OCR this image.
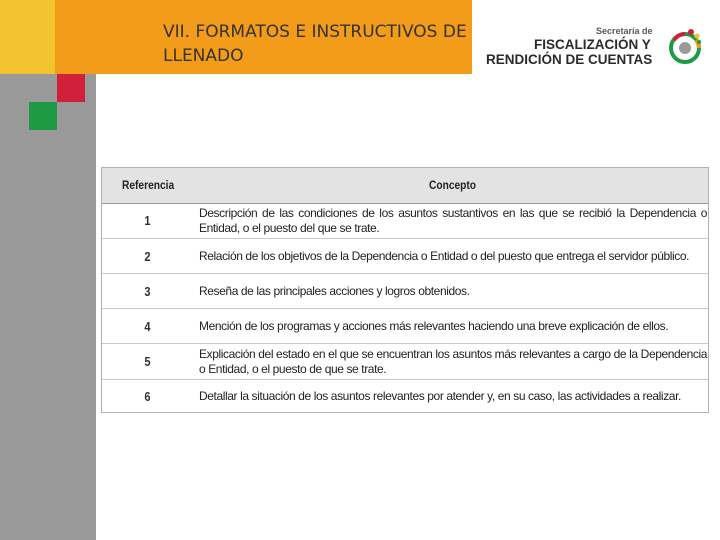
VII. FORMATOS E INSTRUCTIVOS DE LLENADO
Secretaría de
FISCALIZACIÓN Y
RENDICIÓN DE CUENTAS
Referencia	Concepto
1	Descripción de las condiciones de los asuntos sustantivos en las que se recibió la Dependencia o Entidad, o el puesto del que se trate.
2	Relación de los objetivos de la Dependencia o Entidad o del puesto que entrega el servidor público.
3	Reseña de las principales acciones y logros obtenidos.
4	Mención de los programas y acciones más relevantes haciendo una breve explicación de ellos.
5	Explicación del estado en el que se encuentran los asuntos más relevantes a cargo de la Dependencia o Entidad, o el puesto de que se trate.
6	Detallar la situación de los asuntos relevantes por atender y, en su caso, las actividades a realizar.
